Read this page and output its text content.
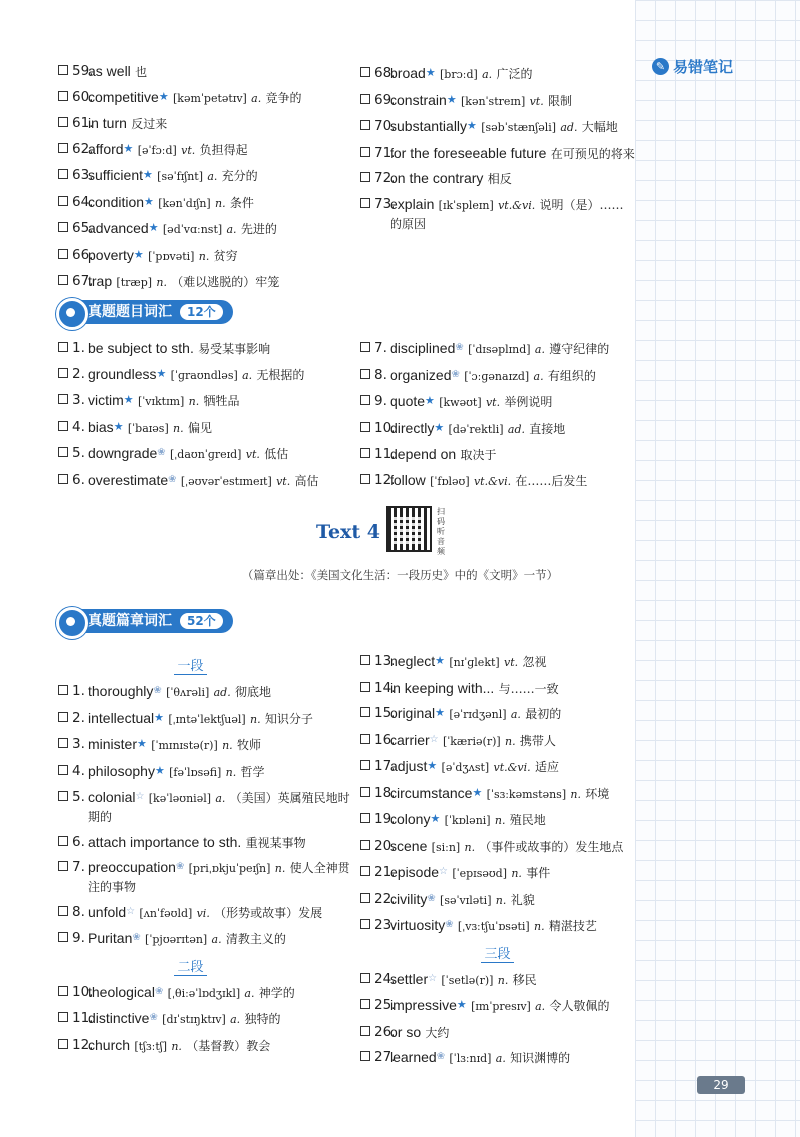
✎ 易错笔记
59.
as well 也
60.
competitive★ [kəmˈpetətɪv] a. 竞争的
61.
in turn 反过来
62.
afford★ [əˈfɔːd] vt. 负担得起
63.
sufficient★ [səˈfɪʃnt] a. 充分的
64.
condition★ [kənˈdɪʃn] n. 条件
65.
advanced★ [ədˈvɑːnst] a. 先进的
66.
poverty★ [ˈpɒvəti] n. 贫穷
67.
trap [træp] n. （难以逃脱的）牢笼
68.
broad★ [brɔːd] a. 广泛的
69.
constrain★ [kənˈstreɪn] vt. 限制
70.
substantially★ [səbˈstænʃəli] ad. 大幅地
71.
for the foreseeable future 在可预见的将来
72.
on the contrary 相反
73.
explain [ɪkˈspleɪn] vt.&vi. 说明（是）……的原因
真题题目词汇 12个
1. be subject to sth. 易受某事影响
2. groundless★ [ˈɡraʊndləs] a. 无根据的
3. victim★ [ˈvɪktɪm] n. 牺牲品
4. bias★ [ˈbaɪəs] n. 偏见
5. downgrade❀ [ˌdaʊnˈɡreɪd] vt. 低估
6. overestimate❀ [ˌəʊvərˈestɪmeɪt] vt. 高估
7. disciplined❀ [ˈdɪsəplɪnd] a. 遵守纪律的
8. organized❀ [ˈɔːɡənaɪzd] a. 有组织的
9. quote★ [kwəʊt] vt. 举例说明
10.
directly★ [dəˈrektli] ad. 直接地
11.
depend on 取决于
12.
follow [ˈfɒləʊ] vt.&vi. 在……后发生
Text 4
扫码听音频
（篇章出处：《美国文化生活：一段历史》中的《文明》一节）
真题篇章词汇 52个
一段
1. thoroughly❀ [ˈθʌrəli] ad. 彻底地
2. intellectual★ [ˌɪntəˈlektʃuəl] n. 知识分子
3. minister★ [ˈmɪnɪstə(r)] n. 牧师
4. philosophy★ [fəˈlɒsəfi] n. 哲学
5. colonial☆ [kəˈləʊniəl] a. （美国）英属殖民地时期的
6. attach importance to sth. 重视某事物
7. preoccupation❀ [priˌɒkjuˈpeɪʃn] n. 使人全神贯注的事物
8. unfold☆ [ʌnˈfəʊld] vi. （形势或故事）发展
9. Puritan❀ [ˈpjʊərɪtən] a. 清教主义的
二段
10.
theological❀ [ˌθiːəˈlɒdʒɪkl] a. 神学的
11.
distinctive❀ [dɪˈstɪŋktɪv] a. 独特的
12.
church [tʃɜːtʃ] n. （基督教）教会
13.
neglect★ [nɪˈɡlekt] vt. 忽视
14.
in keeping with... 与……一致
15.
original★ [əˈrɪdʒənl] a. 最初的
16.
carrier☆ [ˈkæriə(r)] n. 携带人
17.
adjust★ [əˈdʒʌst] vt.&vi. 适应
18.
circumstance★ [ˈsɜːkəmstəns] n. 环境
19.
colony★ [ˈkɒləni] n. 殖民地
20.
scene [siːn] n. （事件或故事的）发生地点
21.
episode☆ [ˈepɪsəʊd] n. 事件
22.
civility❀ [səˈvɪləti] n. 礼貌
23.
virtuosity❀ [ˌvɜːtʃuˈɒsəti] n. 精湛技艺
三段
24.
settler☆ [ˈsetlə(r)] n. 移民
25.
impressive★ [ɪmˈpresɪv] a. 令人敬佩的
26.
or so 大约
27.
learned❀ [ˈlɜːnɪd] a. 知识渊博的
29
